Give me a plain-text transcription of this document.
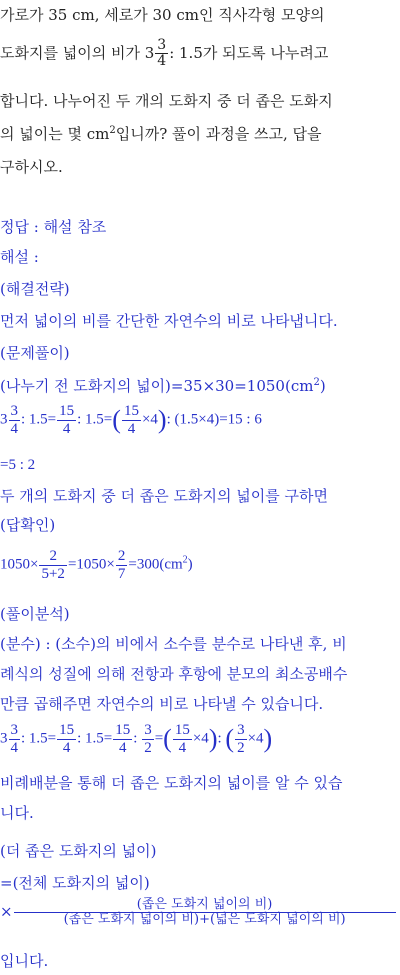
가로가 35 cm, 세로가 30 cm인 직사각형 모양의
도화지를 넓이의 비가 $3 \frac{3}{4}$ : 1.5가 되도록 나누려고
합니다. 나누어진 두 개의 도화지 중 더 좁은 도화지
의 넓이는 몇 $cm^2$입니까? 풀이 과정을 쓰고, 답을
구하시오.
정답 : 해설 참조
해설 :
(해결전략)
먼저 넓이의 비를 간단한 자연수의 비로 나타냅니다.
(문제풀이)
(나누기 전 도화지의 넓이)$=35\times 30=1050(cm^2)$
$3 \frac{3}{4}$ : $1.5= \frac{15}{4}$ : $1.5=( \frac{15}{4} \times 4)$: (1.5×4)=15 : 6
=5 : 2
두 개의 도화지 중 더 좁은 도화지의 넓이를 구하면
(답확인)
$1050\times \frac{2}{5+2} =1050\times \frac{2}{7} =300(cm^2)$
(풀이분석)
(분수) : (소수)의 비에서 소수를 분수로 나타낸 후, 비
례식의 성질에 의해 전항과 후항에 분모의 최소공배수
만큼 곱해주면 자연수의 비로 나타낼 수 있습니다.
$3 \frac{3}{4}$ : $1.5= \frac{15}{4}$ : $1.5= \frac{15}{4}$ : $\frac{3}{2}$ =( $\frac{15}{4} \times 4$): ( $\frac{3}{2} \times 4$)
비례배분을 통해 더 좁은 도화지의 넓이를 알 수 있습
니다.
(더 좁은 도화지의 넓이)
=(전체 도화지의 넓이)
× $\frac{\text{(좁은 도화지 넓이의 비)}}{\text{(좁은 도화지 넓이의 비)+(넓은 도화지 넓이의 비)}}$
입니다.
